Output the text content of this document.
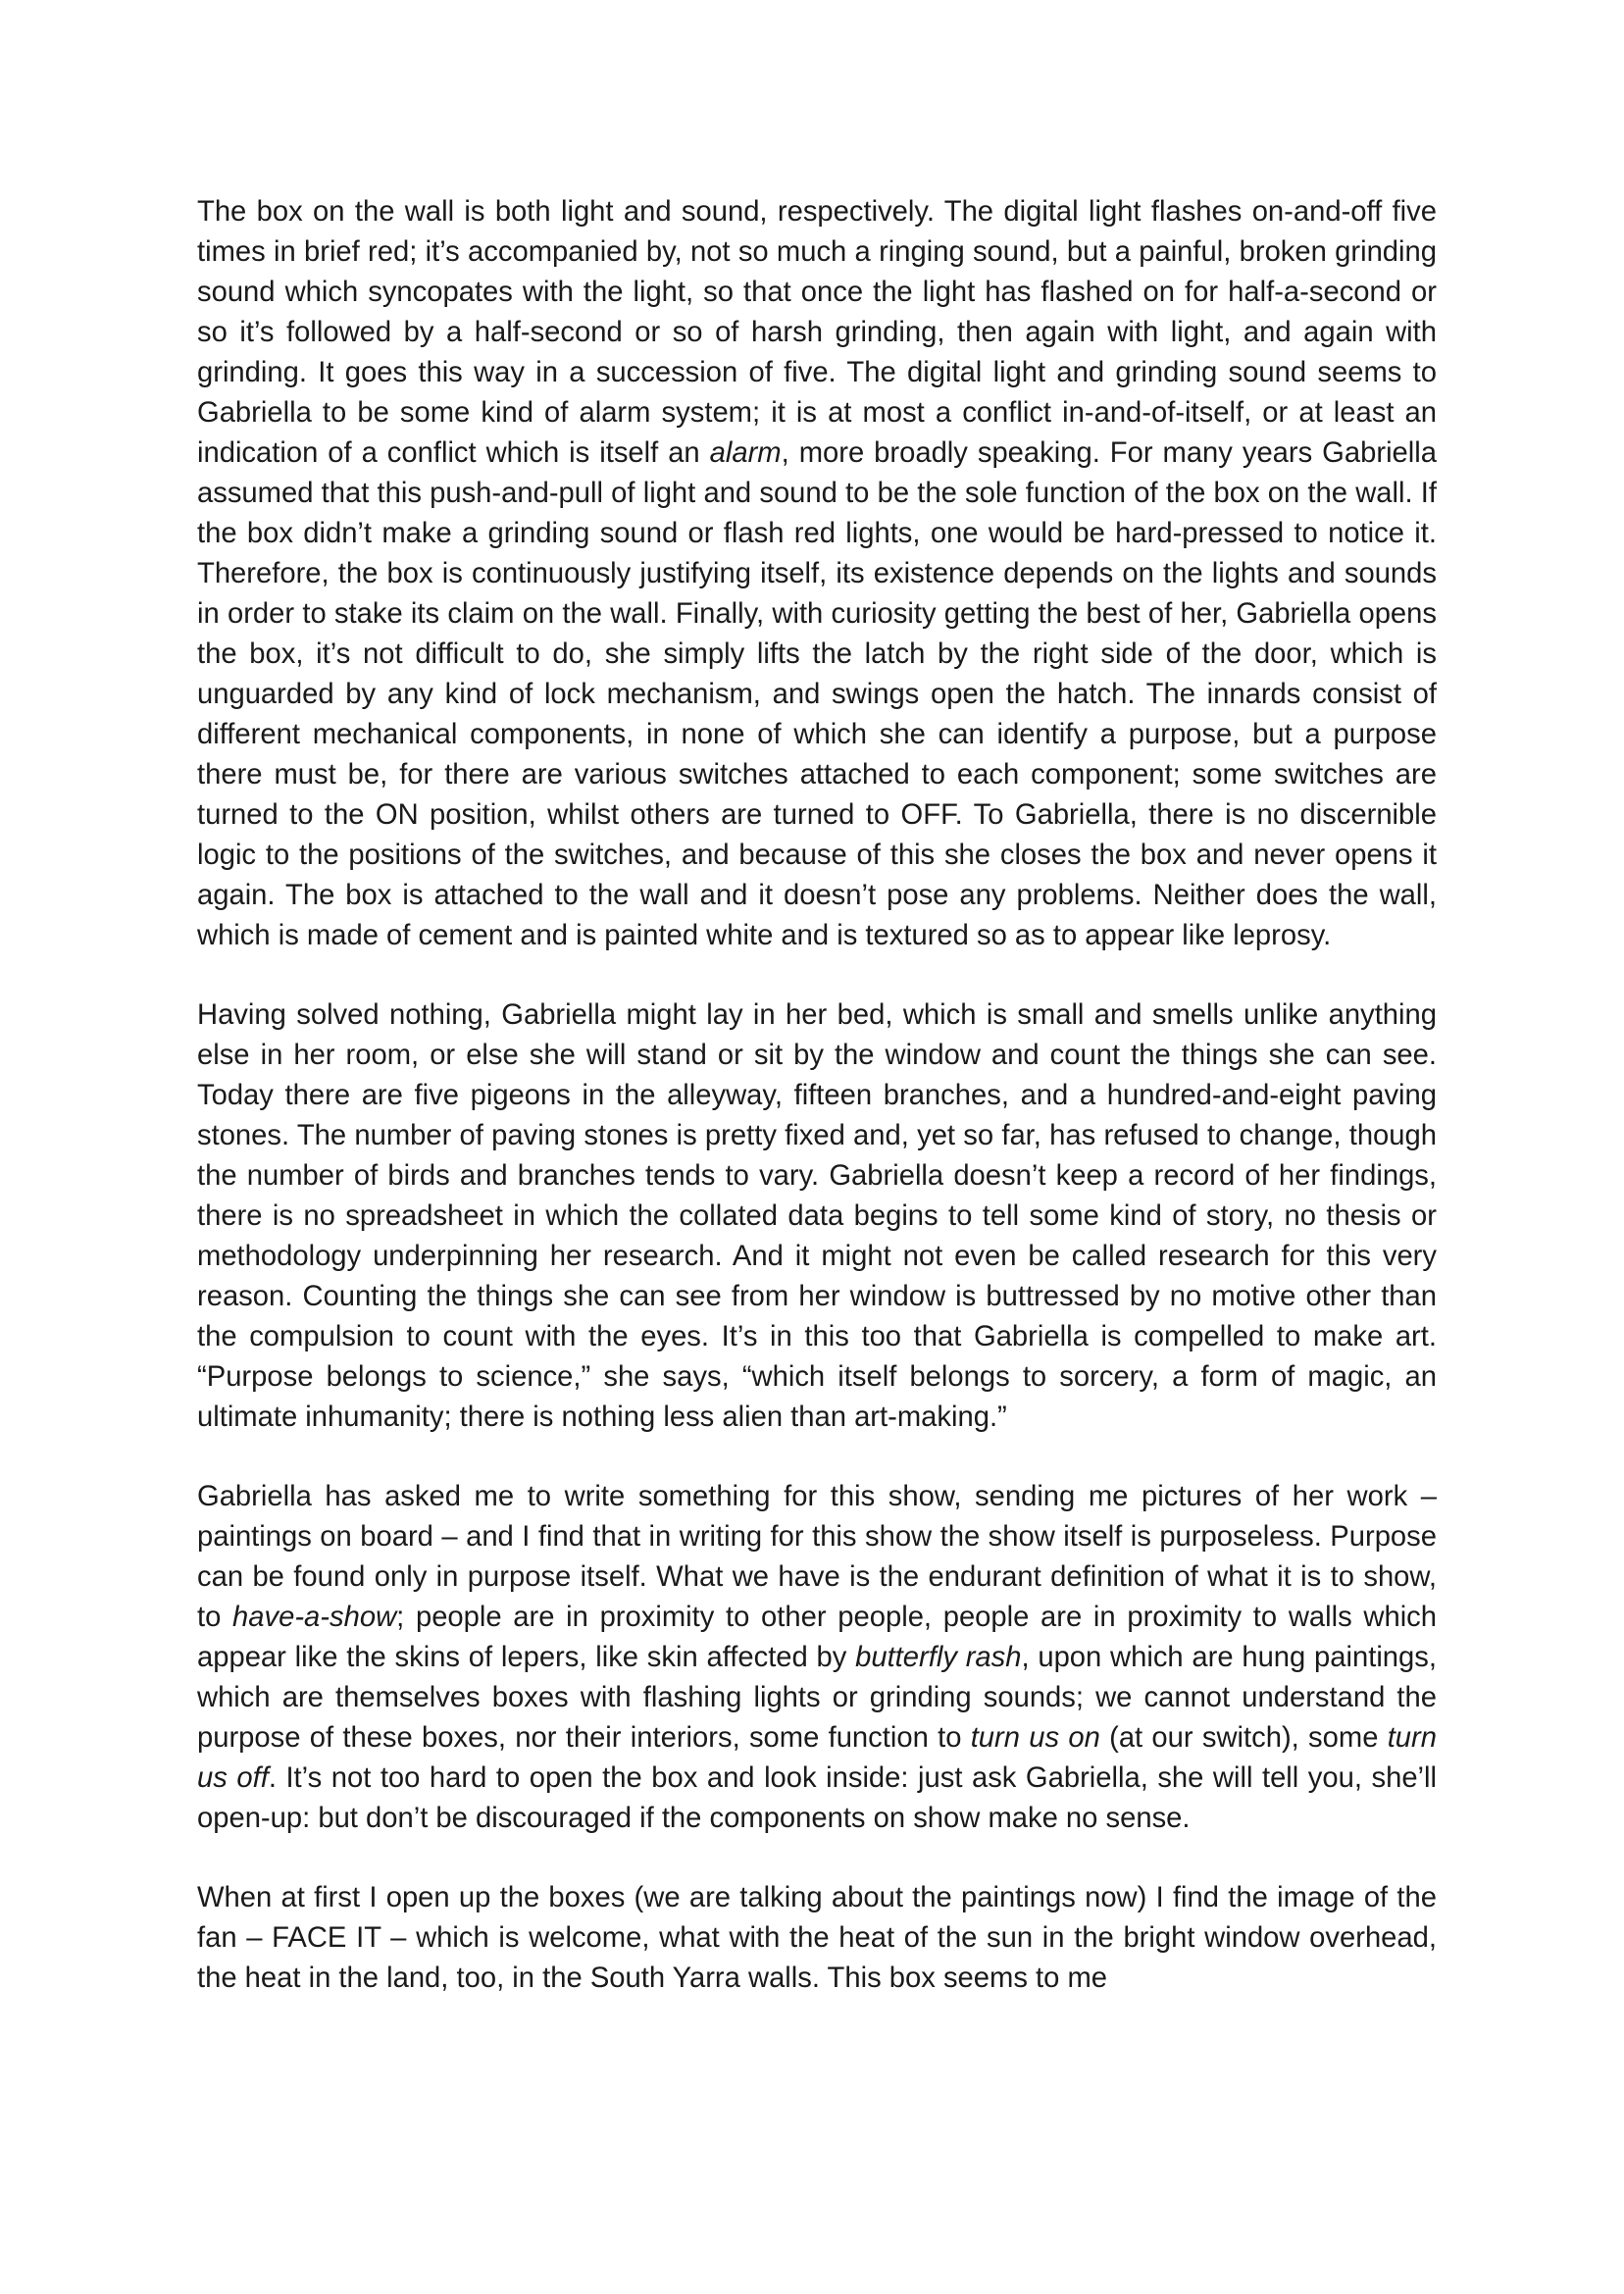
The box on the wall is both light and sound, respectively. The digital light flashes on-and-off five times in brief red; it’s accompanied by, not so much a ringing sound, but a painful, broken grinding sound which syncopates with the light, so that once the light has flashed on for half-a-second or so it’s followed by a half-second or so of harsh grinding, then again with light, and again with grinding. It goes this way in a succession of five. The digital light and grinding sound seems to Gabriella to be some kind of alarm system; it is at most a conflict in-and-of-itself, or at least an indication of a conflict which is itself an alarm, more broadly speaking. For many years Gabriella assumed that this push-and-pull of light and sound to be the sole function of the box on the wall. If the box didn’t make a grinding sound or flash red lights, one would be hard-pressed to notice it. Therefore, the box is continuously justifying itself, its existence depends on the lights and sounds in order to stake its claim on the wall. Finally, with curiosity getting the best of her, Gabriella opens the box, it’s not difficult to do, she simply lifts the latch by the right side of the door, which is unguarded by any kind of lock mechanism, and swings open the hatch. The innards consist of different mechanical components, in none of which she can identify a purpose, but a purpose there must be, for there are various switches attached to each component; some switches are turned to the ON position, whilst others are turned to OFF. To Gabriella, there is no discernible logic to the positions of the switches, and because of this she closes the box and never opens it again. The box is attached to the wall and it doesn’t pose any problems. Neither does the wall, which is made of cement and is painted white and is textured so as to appear like leprosy.

Having solved nothing, Gabriella might lay in her bed, which is small and smells unlike anything else in her room, or else she will stand or sit by the window and count the things she can see. Today there are five pigeons in the alleyway, fifteen branches, and a hundred-and-eight paving stones. The number of paving stones is pretty fixed and, yet so far, has refused to change, though the number of birds and branches tends to vary. Gabriella doesn’t keep a record of her findings, there is no spreadsheet in which the collated data begins to tell some kind of story, no thesis or methodology underpinning her research. And it might not even be called research for this very reason. Counting the things she can see from her window is buttressed by no motive other than the compulsion to count with the eyes. It’s in this too that Gabriella is compelled to make art. “Purpose belongs to science,” she says, “which itself belongs to sorcery, a form of magic, an ultimate inhumanity; there is nothing less alien than art-making.”

Gabriella has asked me to write something for this show, sending me pictures of her work – paintings on board – and I find that in writing for this show the show itself is purposeless. Purpose can be found only in purpose itself. What we have is the endurant definition of what it is to show, to have-a-show; people are in proximity to other people, people are in proximity to walls which appear like the skins of lepers, like skin affected by butterfly rash, upon which are hung paintings, which are themselves boxes with flashing lights or grinding sounds; we cannot understand the purpose of these boxes, nor their interiors, some function to turn us on (at our switch), some turn us off. It’s not too hard to open the box and look inside: just ask Gabriella, she will tell you, she’ll open-up: but don’t be discouraged if the components on show make no sense.

When at first I open up the boxes (we are talking about the paintings now) I find the image of the fan – FACE IT – which is welcome, what with the heat of the sun in the bright window overhead, the heat in the land, too, in the South Yarra walls. This box seems to me
